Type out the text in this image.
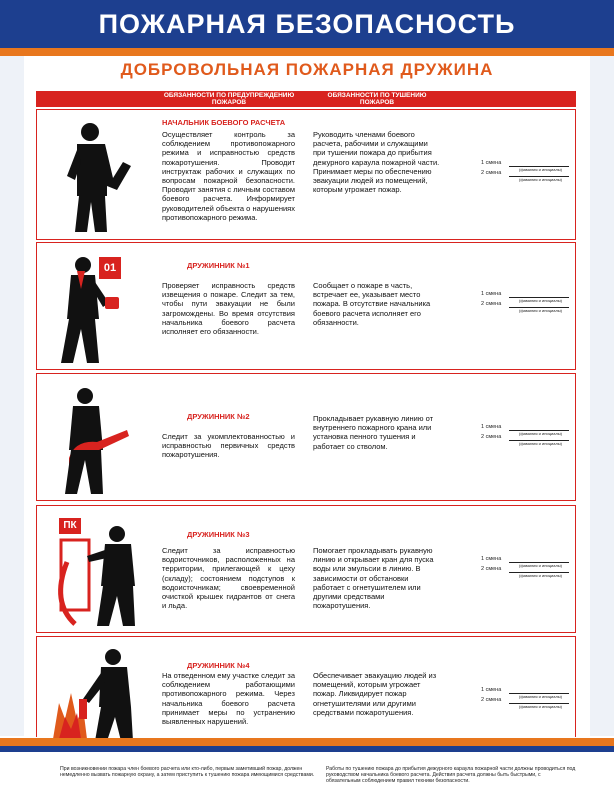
ПОЖАРНАЯ БЕЗОПАСНОСТЬ
ДОБРОВОЛЬНАЯ ПОЖАРНАЯ ДРУЖИНА
ОБЯЗАННОСТИ ПО ПРЕДУПРЕЖДЕНИЮ ПОЖАРОВ
ОБЯЗАННОСТИ ПО ТУШЕНИЮ ПОЖАРОВ
НАЧАЛЬНИК БОЕВОГО РАСЧЕТА
Осуществляет контроль за соблюдением противопожарного режима и исправностью средств пожаротушения. Проводит инструктаж рабочих и служащих по вопросам пожарной безопасности. Проводит занятия с личным составом боевого расчета. Информирует руководителей объекта о нарушениях противопожарного режима.
Руководить членами боевого расчета, рабочими и служащими при тушении пожара до прибытия дежурного караула пожарной части. Принимает меры по обеспечению эвакуации людей из помещений, которым угрожает пожар.
1 смена
(фамилия и инициалы)
2 смена
(фамилия и инициалы)
01	ДРУЖИННИК №1
Проверяет исправность средств извещения о пожаре. Следит за тем, чтобы пути эвакуации не были загромождены. Во время отсутствия начальника боевого расчета исполняет его обязанности.
Сообщает о пожаре в часть, встречает ее, указывает место пожара. В отсутствие начальника боевого расчета исполняет его обязанности.
1 смена
(фамилия и инициалы)
2 смена
(фамилия и инициалы)
ДРУЖИННИК №2
Следит за укомплектованностью и исправностью первичных средств пожаротушения.
Прокладывает рукавную линию от внутреннего пожарного крана или установка пенного тушения и работает со стволом.
1 смена
(фамилия и инициалы)
2 смена
(фамилия и инициалы)
ПК
ДРУЖИННИК №3
Следит за исправностью водоисточников, расположенных на территории, прилегающей к цеху (складу); состоянием подступов к водоисточникам; своевременной очисткой крышек гидрантов от снега и льда.
Помогает прокладывать рукавную линию и открывает кран для пуска воды или эмульсии в линию. В зависимости от обстановки работает с огнетушителем или другими средствами пожаротушения.
1 смена
(фамилия и инициалы)
2 смена
(фамилия и инициалы)
ДРУЖИННИК №4
На отведенном ему участке следит за соблюдением работающими противопожарного режима. Через начальника боевого расчета принимает меры по устранению выявленных нарушений.
Обеспечивает эвакуацию людей из помещений, которым угрожает пожар. Ликвидирует пожар огнетушителями или другими средствами пожаротушения.
1 смена
(фамилия и инициалы)
2 смена
(фамилия и инициалы)
При возникновении пожара член боевого расчета или кто-либо, первым заметивший пожар, должен немедленно вызвать пожарную охрану, а затем приступить к тушению пожара имеющимися средствами.
Работы по тушению пожара до прибытия дежурного караула пожарной части должны проводиться под руководством начальника боевого расчета. Действия расчета должны быть быстрыми, с обязательным соблюдением правил техники безопасности.
